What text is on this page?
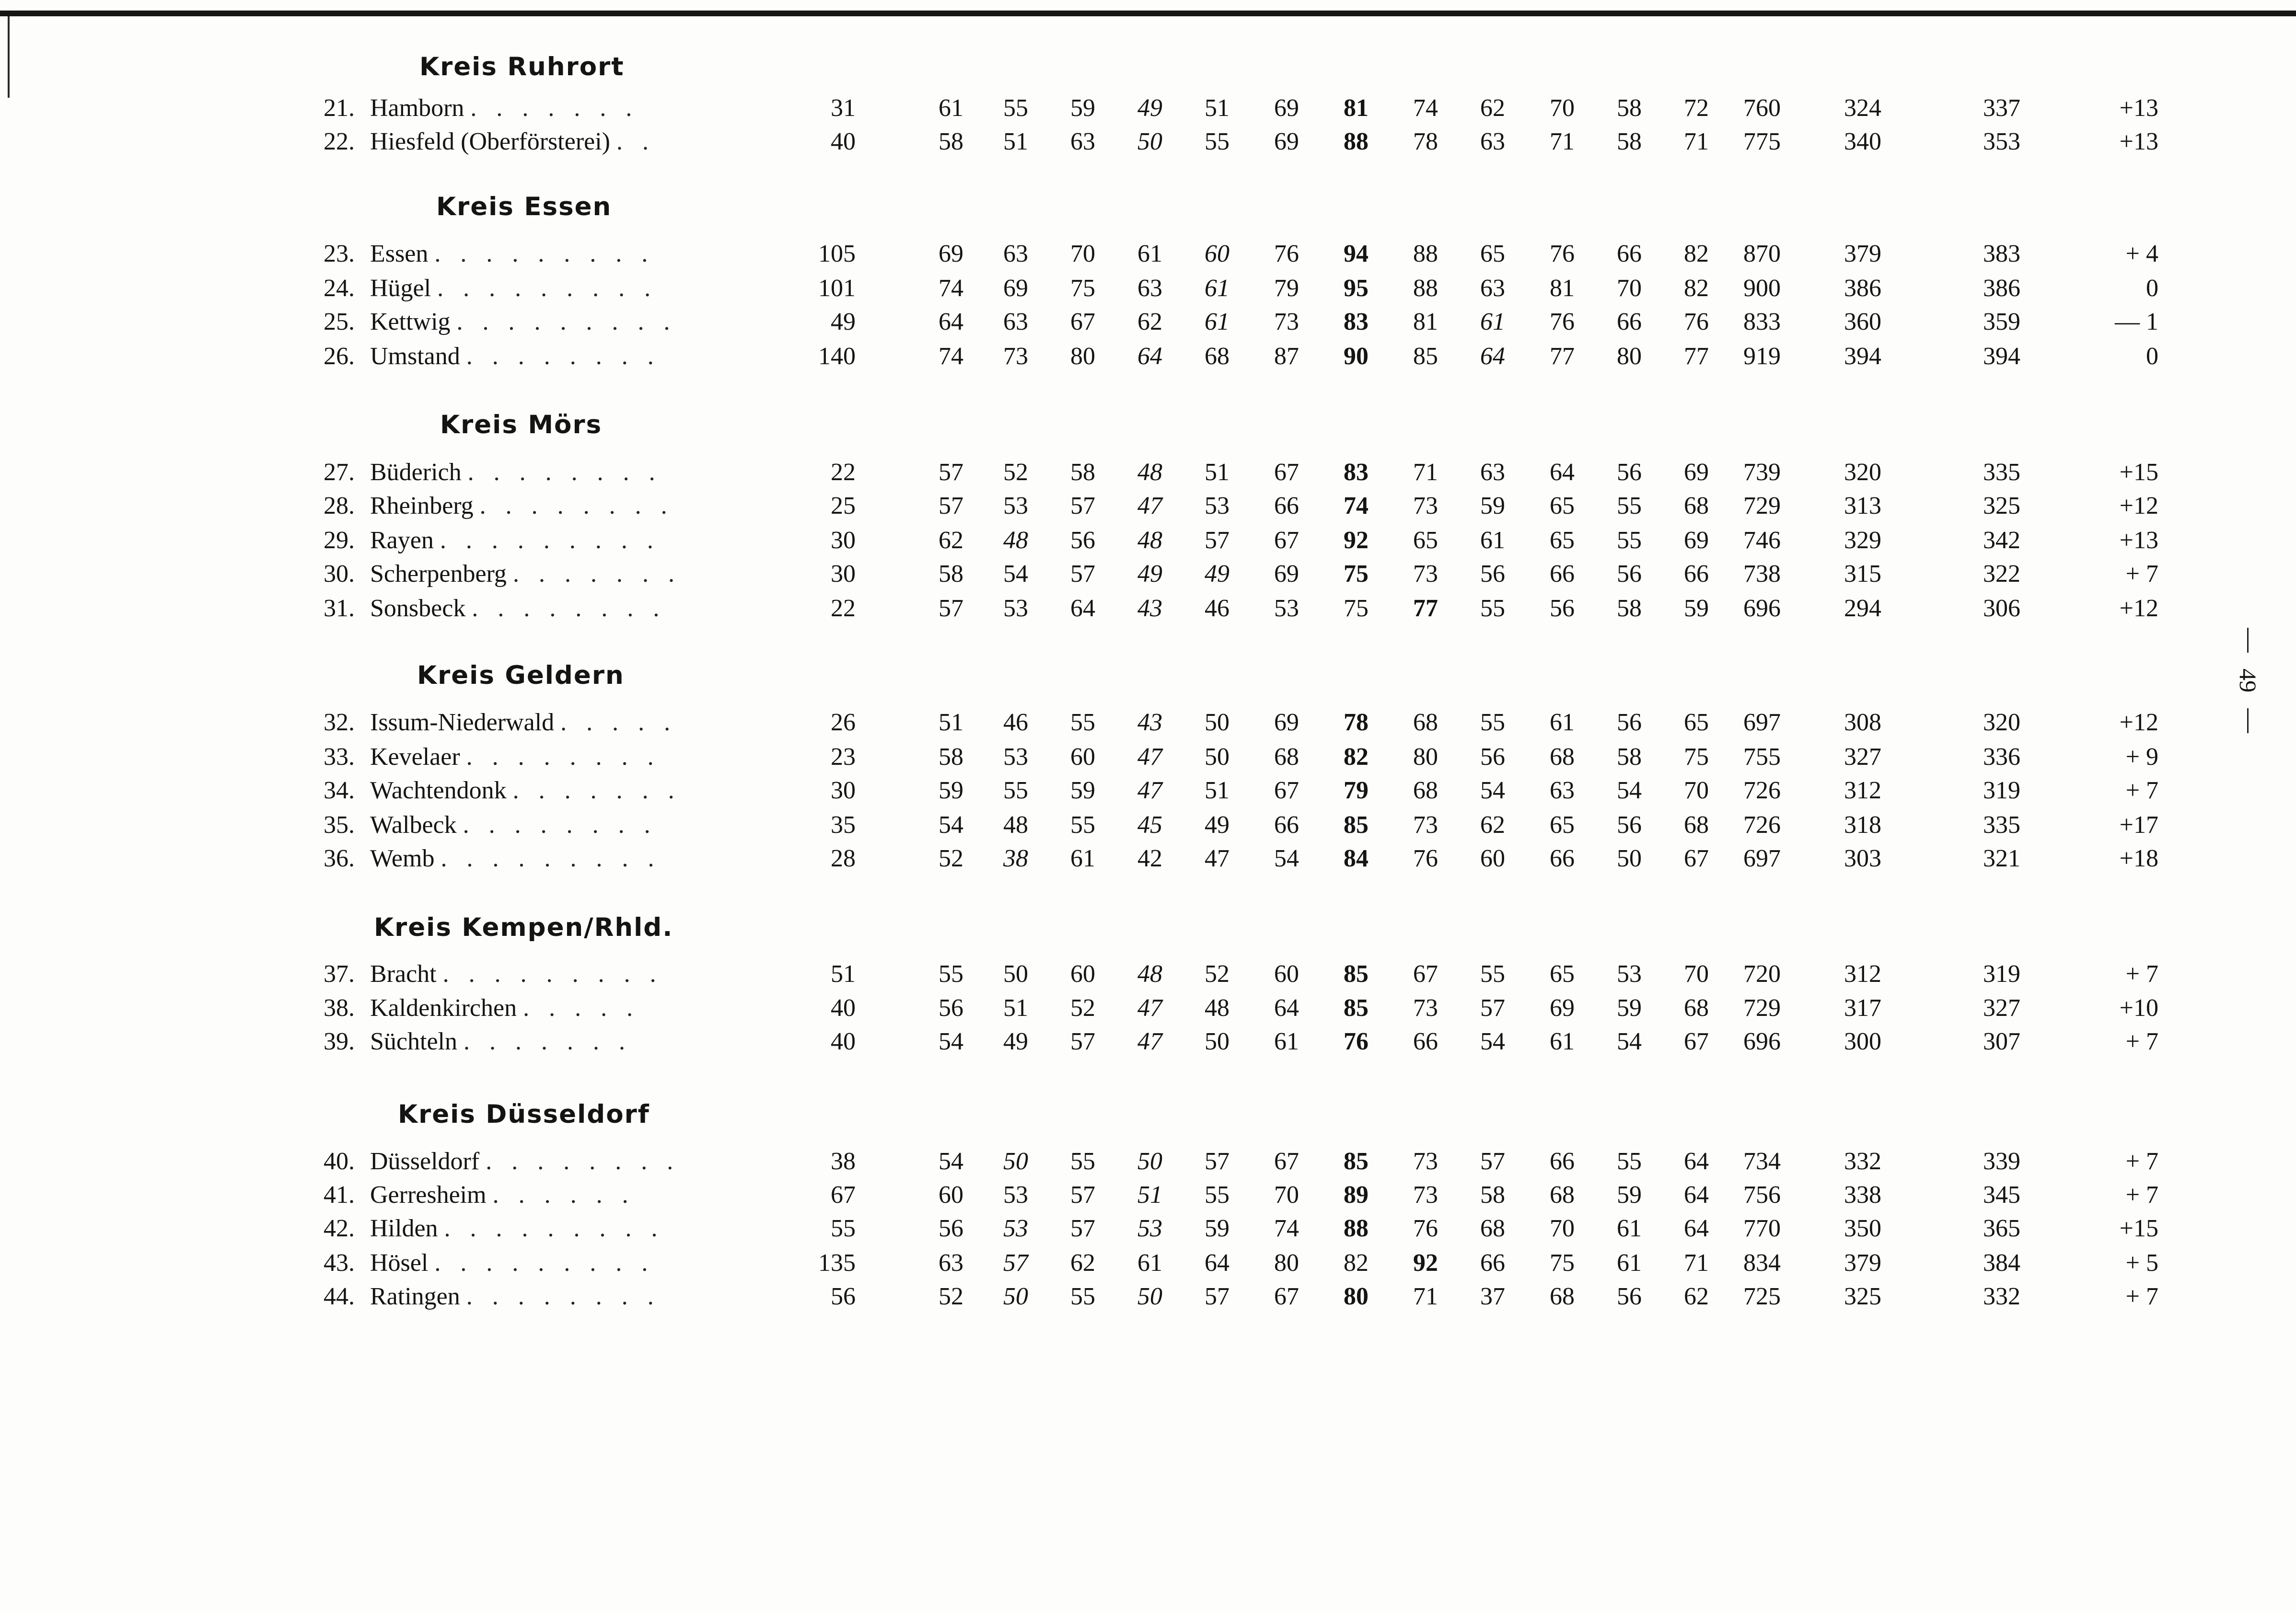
49
Kreis Ruhrort
21. Hamborn . . . . . . .	31	61	55	59	49	51	69	81	74	62	70	58	72	760	324	337	+13
22. Hiesfeld (Oberförsterei) . .	40	58	51	63	50	55	69	88	78	63	71	58	71	775	340	353	+13
Kreis Essen
23. Essen . . . . . . . . .	105	69	63	70	61	60	76	94	88	65	76	66	82	870	379	383	+ 4
24. Hügel . . . . . . . . .	101	74	69	75	63	61	79	95	88	63	81	70	82	900	386	386	0
25. Kettwig . . . . . . . . .	49	64	63	67	62	61	73	83	81	61	76	66	76	833	360	359	— 1
26. Umstand . . . . . . . .	140	74	73	80	64	68	87	90	85	64	77	80	77	919	394	394	0
Kreis Mörs
27. Büderich . . . . . . . .	22	57	52	58	48	51	67	83	71	63	64	56	69	739	320	335	+15
28. Rheinberg . . . . . . . .	25	57	53	57	47	53	66	74	73	59	65	55	68	729	313	325	+12
29. Rayen . . . . . . . . .	30	62	48	56	48	57	67	92	65	61	65	55	69	746	329	342	+13
30. Scherpenberg . . . . . . .	30	58	54	57	49	49	69	75	73	56	66	56	66	738	315	322	+ 7
31. Sonsbeck . . . . . . . .	22	57	53	64	43	46	53	75	77	55	56	58	59	696	294	306	+12
Kreis Geldern
32. Issum-Niederwald . . . . .	26	51	46	55	43	50	69	78	68	55	61	56	65	697	308	320	+12
33. Kevelaer . . . . . . . .	23	58	53	60	47	50	68	82	80	56	68	58	75	755	327	336	+ 9
34. Wachtendonk . . . . . . .	30	59	55	59	47	51	67	79	68	54	63	54	70	726	312	319	+ 7
35. Walbeck . . . . . . . .	35	54	48	55	45	49	66	85	73	62	65	56	68	726	318	335	+17
36. Wemb . . . . . . . . .	28	52	38	61	42	47	54	84	76	60	66	50	67	697	303	321	+18
Kreis Kempen/Rhld.
37. Bracht . . . . . . . . .	51	55	50	60	48	52	60	85	67	55	65	53	70	720	312	319	+ 7
38. Kaldenkirchen . . . . .	40	56	51	52	47	48	64	85	73	57	69	59	68	729	317	327	+10
39. Süchteln . . . . . . .	40	54	49	57	47	50	61	76	66	54	61	54	67	696	300	307	+ 7
Kreis Düsseldorf
40. Düsseldorf . . . . . . . .	38	54	50	55	50	57	67	85	73	57	66	55	64	734	332	339	+ 7
41. Gerresheim . . . . . .	67	60	53	57	51	55	70	89	73	58	68	59	64	756	338	345	+ 7
42. Hilden . . . . . . . . .	55	56	53	57	53	59	74	88	76	68	70	61	64	770	350	365	+15
43. Hösel . . . . . . . . .	135	63	57	62	61	64	80	82	92	66	75	61	71	834	379	384	+ 5
44. Ratingen . . . . . . . .	56	52	50	55	50	57	67	80	71	37	68	56	62	725	325	332	+ 7
